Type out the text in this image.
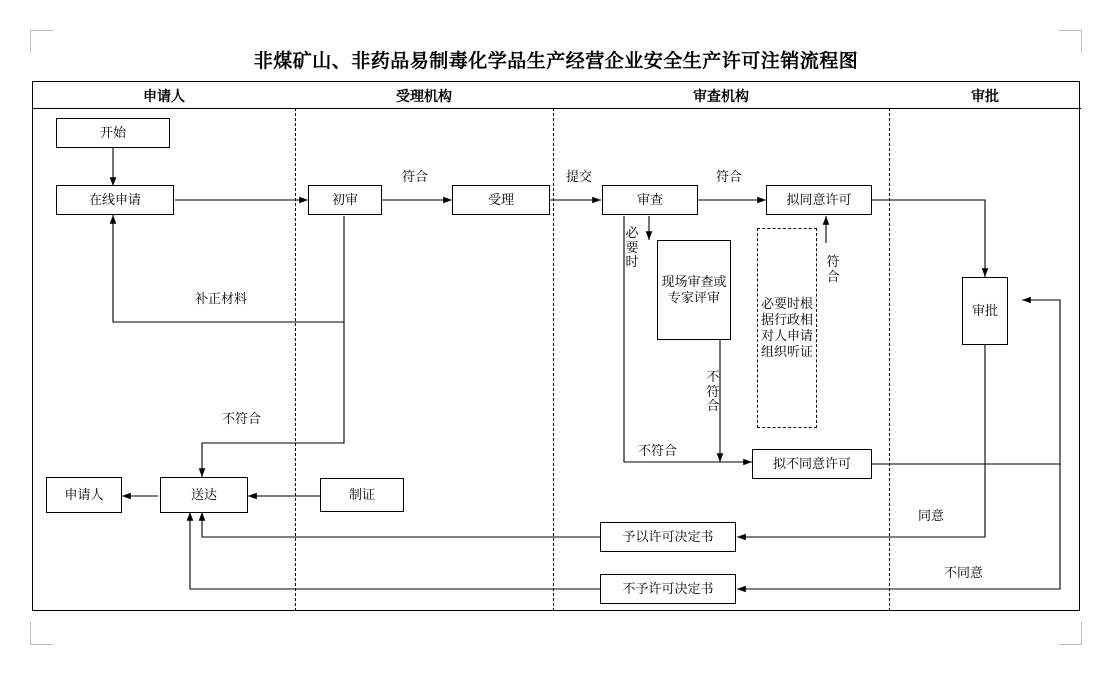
非煤矿山、非药品易制毒化学品生产经营企业安全生产许可注销流程图
申请人	受理机构	审查机构	审批
开始
在线申请	初审	受理	审查
现场审查或专家评审	必要时根据行政相对人申请组织听证
拟同意许可
拟不同意许可
审批
制证
送达
申请人
予以许可决定书
不予许可决定书
符合	提交	符合
必要时	符合
不符合
补正材料
不符合
不符合
同意
不同意
